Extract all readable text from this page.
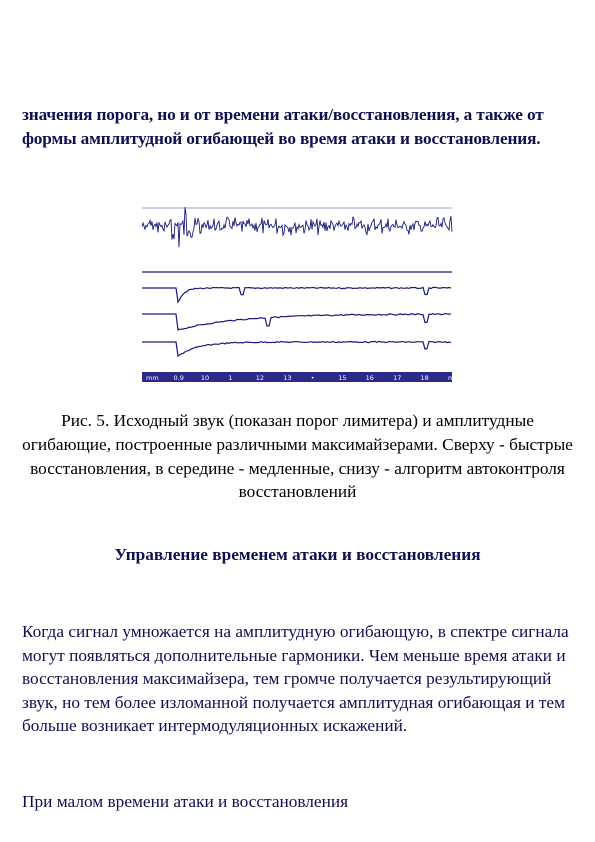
значения порога, но и от времени атаки/восстановления, а также от формы амплитудной огибающей во время атаки и восстановления.

mm 0.9	10	1	12	13	•	15	16	17	18	mm

Рис. 5. Исходный звук (показан порог лимитера) и амплитудные огибающие, построенные различными максимайзерами. Сверху - быстрые восстановления, в середине - медленные, снизу - алгоритм автоконтроля восстановлений

Управление временем атаки и восстановления

Когда сигнал умножается на амплитудную огибающую, в спектре сигнала могут появляться дополнительные гармоники. Чем меньше время атаки и восстановления максимайзера, тем громче получается результирующий звук, но тем более изломанной получается амплитудная огибающая и тем больше возникает интермодуляционных искажений.

При малом времени атаки и восстановления
